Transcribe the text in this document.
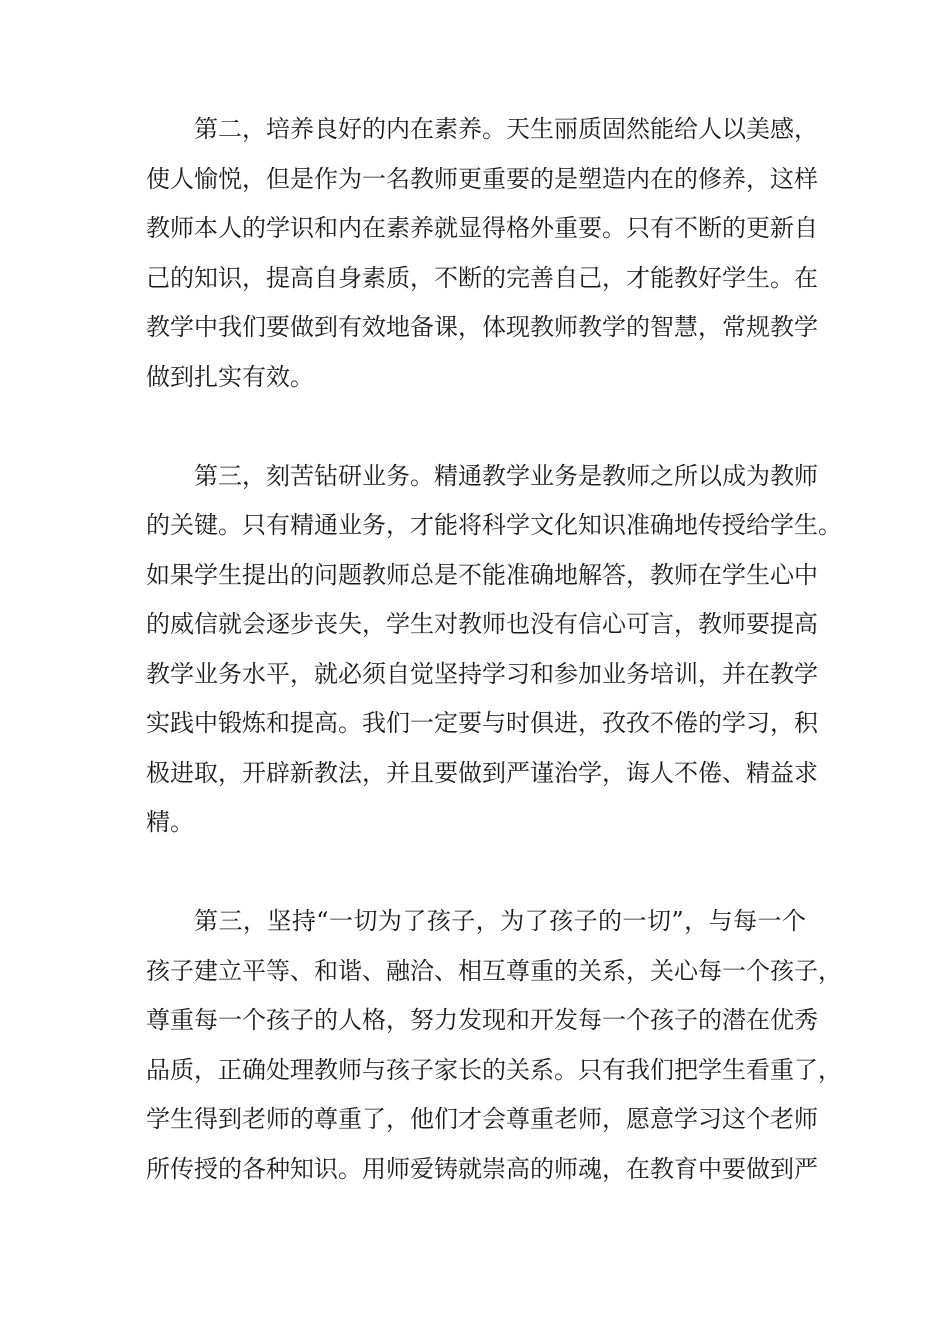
第二，培养良好的内在素养。天生丽质固然能给人以美感，
使人愉悦，但是作为一名教师更重要的是塑造内在的修养，这样
教师本人的学识和内在素养就显得格外重要。只有不断的更新自
己的知识，提高自身素质，不断的完善自己，才能教好学生。在
教学中我们要做到有效地备课，体现教师教学的智慧，常规教学
做到扎实有效。
第三，刻苦钻研业务。精通教学业务是教师之所以成为教师
的关键。只有精通业务，才能将科学文化知识准确地传授给学生。
如果学生提出的问题教师总是不能准确地解答，教师在学生心中
的威信就会逐步丧失，学生对教师也没有信心可言，教师要提高
教学业务水平，就必须自觉坚持学习和参加业务培训，并在教学
实践中锻炼和提高。我们一定要与时俱进，孜孜不倦的学习，积
极进取，开辟新教法，并且要做到严谨治学，诲人不倦、精益求
精。
第三，坚持“一切为了孩子，为了孩子的一切”，与每一个
孩子建立平等、和谐、融洽、相互尊重的关系，关心每一个孩子，
尊重每一个孩子的人格，努力发现和开发每一个孩子的潜在优秀
品质，正确处理教师与孩子家长的关系。只有我们把学生看重了，
学生得到老师的尊重了，他们才会尊重老师，愿意学习这个老师
所传授的各种知识。用师爱铸就崇高的师魂，在教育中要做到严
